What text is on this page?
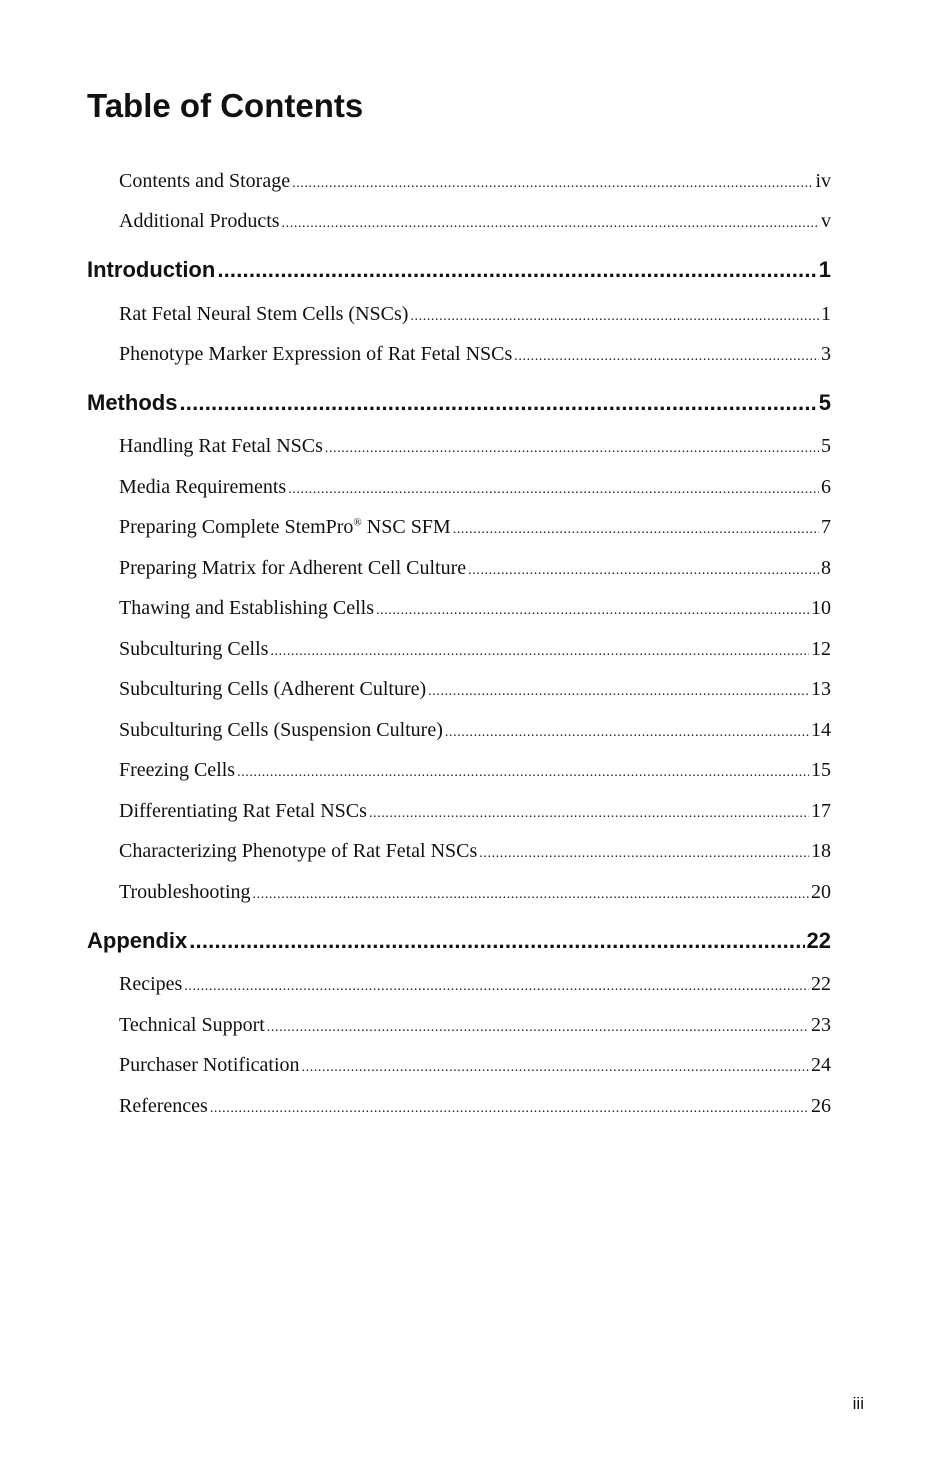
Table of Contents
Contents and Storage .....	iv
Additional Products .....	v
Introduction .....	1
Rat Fetal Neural Stem Cells (NSCs) .....	1
Phenotype Marker Expression of Rat Fetal NSCs .....	3
Methods .....	5
Handling Rat Fetal NSCs .....	5
Media Requirements .....	6
Preparing Complete StemPro® NSC SFM .....	7
Preparing Matrix for Adherent Cell Culture .....	8
Thawing and Establishing Cells .....	10
Subculturing Cells .....	12
Subculturing Cells (Adherent Culture) .....	13
Subculturing Cells (Suspension Culture) .....	14
Freezing Cells .....	15
Differentiating Rat Fetal NSCs .....	17
Characterizing Phenotype of Rat Fetal NSCs .....	18
Troubleshooting .....	20
Appendix .....	22
Recipes .....	22
Technical Support .....	23
Purchaser Notification .....	24
References .....	26
iii
